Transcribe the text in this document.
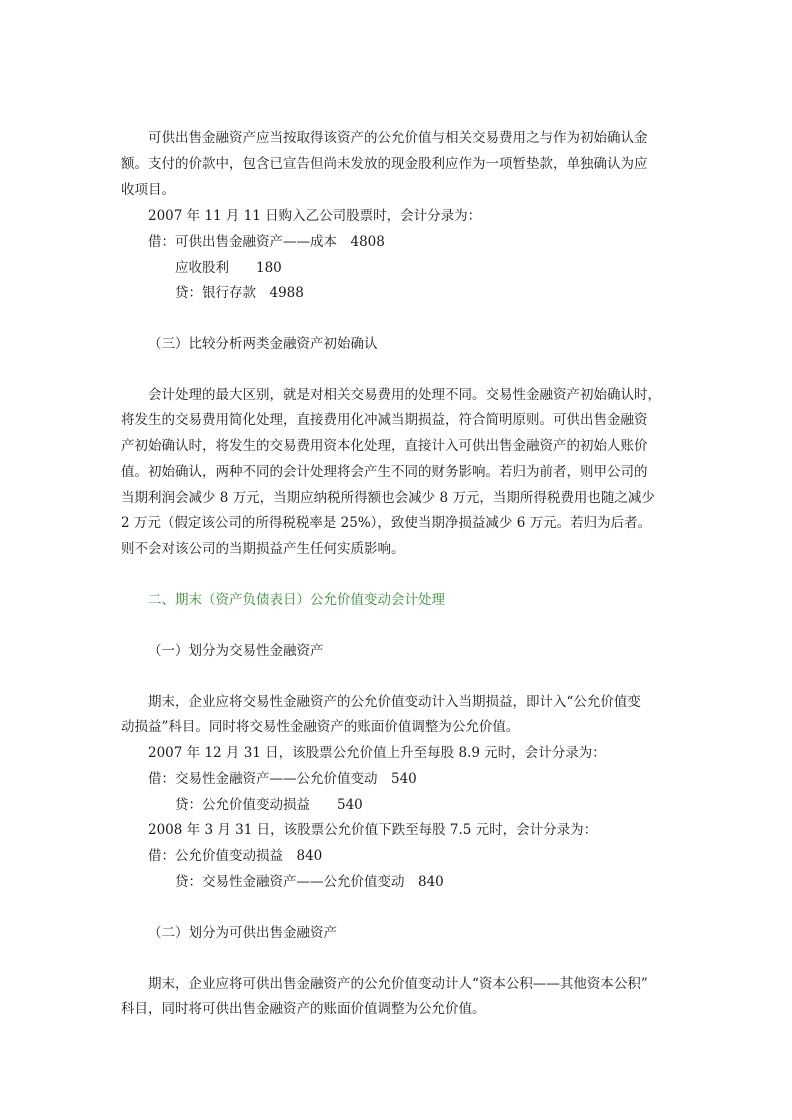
可供出售金融资产应当按取得该资产的公允价值与相关交易费用之与作为初始确认金
额。支付的价款中，包含已宣告但尚未发放的现金股利应作为一项暂垫款，单独确认为应
收项目。
2007 年 11 月 11 日购入乙公司股票时，会计分录为：
借：可供出售金融资产——成本　4808
应收股利　　180
贷：银行存款　4988
（三）比较分析两类金融资产初始确认
会计处理的最大区别，就是对相关交易费用的处理不同。交易性金融资产初始确认时，
将发生的交易费用简化处理，直接费用化冲减当期损益，符合简明原则。可供出售金融资
产初始确认时，将发生的交易费用资本化处理，直接计入可供出售金融资产的初始人账价
值。初始确认，两种不同的会计处理将会产生不同的财务影响。若归为前者，则甲公司的
当期利润会减少 8 万元，当期应纳税所得额也会减少 8 万元，当期所得税费用也随之减少
2 万元（假定该公司的所得税税率是 25%），致使当期净损益减少 6 万元。若归为后者。
则不会对该公司的当期损益产生任何实质影响。
二、期末（资产负债表日）公允价值变动会计处理
（一）划分为交易性金融资产
期末，企业应将交易性金融资产的公允价值变动计入当期损益，即计入“公允价值变
动损益”科目。同时将交易性金融资产的账面价值调整为公允价值。
2007 年 12 月 31 日，该股票公允价值上升至每股 8.9 元时，会计分录为：
借：交易性金融资产——公允价值变动　540
贷：公允价值变动损益　　540
2008 年 3 月 31 日，该股票公允价值下跌至每股 7.5 元时，会计分录为：
借：公允价值变动损益　840
贷：交易性金融资产——公允价值变动　840
（二）划分为可供出售金融资产
期末，企业应将可供出售金融资产的公允价值变动计人“资本公积——其他资本公积”
科目，同时将可供出售金融资产的账面价值调整为公允价值。
